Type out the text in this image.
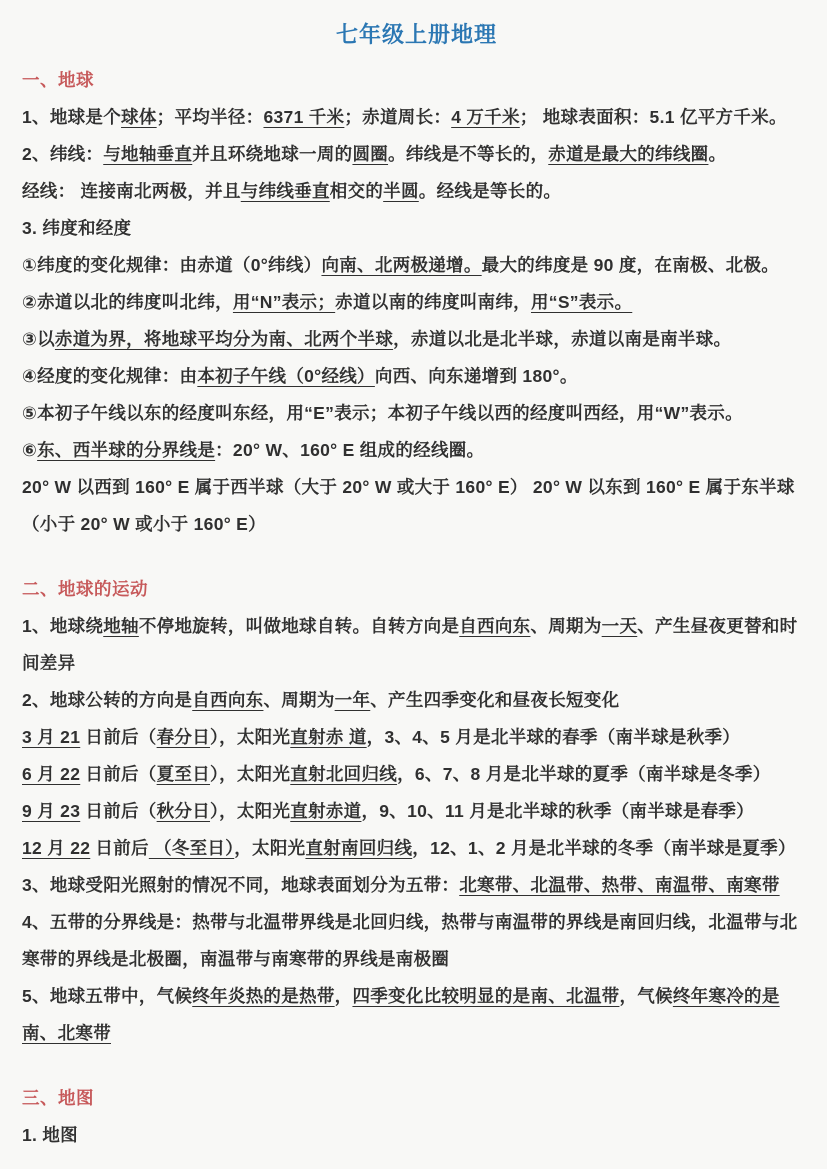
七年级上册地理
一、地球

1、地球是个球体；平均半径：6371 千米；赤道周长：4 万千米； 地球表面积：5.1 亿平方千米。

2、纬线：与地轴垂直并且环绕地球一周的圆圈。纬线是不等长的，赤道是最大的纬线圈。

经线： 连接南北两极，并且与纬线垂直相交的半圆。经线是等长的。

3. 纬度和经度

①纬度的变化规律：由赤道（0°纬线）向南、北两极递增。最大的纬度是 90 度，在南极、北极。

②赤道以北的纬度叫北纬，用“N”表示；赤道以南的纬度叫南纬，用“S”表示。

③以赤道为界，将地球平均分为南、北两个半球，赤道以北是北半球，赤道以南是南半球。

④经度的变化规律：由本初子午线（0°经线）向西、向东递增到 180°。

⑤本初子午线以东的经度叫东经，用“E”表示；本初子午线以西的经度叫西经，用“W”表示。

⑥东、西半球的分界线是：20° W、160° E 组成的经线圈。

20° W 以西到 160° E 属于西半球（大于 20° W 或大于 160° E） 20° W 以东到 160° E 属于东半球（小于 20° W 或小于 160° E）

二、地球的运动

1、地球绕地轴不停地旋转，叫做地球自转。自转方向是自西向东、周期为一天、产生昼夜更替和时间差异

2、地球公转的方向是自西向东、周期为一年、产生四季变化和昼夜长短变化

3 月 21 日前后（春分日），太阳光直射赤 道，3、4、5 月是北半球的春季（南半球是秋季）

6 月 22 日前后（夏至日），太阳光直射北回归线，6、7、8 月是北半球的夏季（南半球是冬季）

9 月 23 日前后（秋分日），太阳光直射赤道，9、10、11 月是北半球的秋季（南半球是春季）

12 月 22 日前后 （冬至日），太阳光直射南回归线，12、1、2 月是北半球的冬季（南半球是夏季）

3、地球受阳光照射的情况不同，地球表面划分为五带：北寒带、北温带、热带、南温带、南寒带

4、五带的分界线是：热带与北温带界线是北回归线，热带与南温带的界线是南回归线，北温带与北寒带的界线是北极圈，南温带与南寒带的界线是南极圈

5、地球五带中，气候终年炎热的是热带，四季变化比较明显的是南、北温带，气候终年寒冷的是南、北寒带

三、地图

1. 地图
